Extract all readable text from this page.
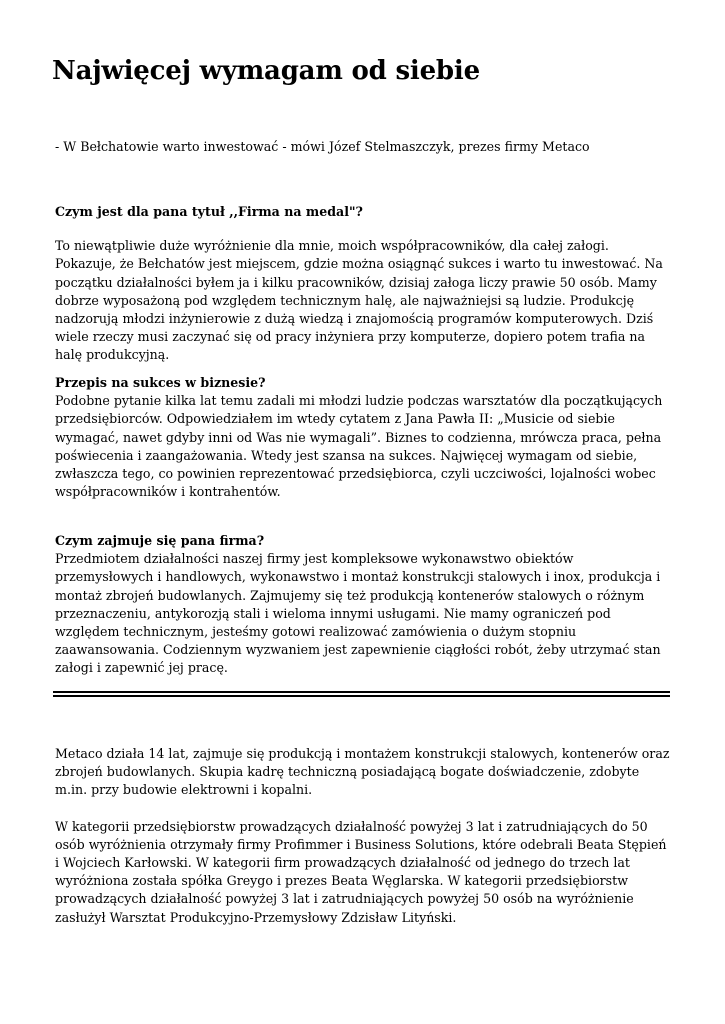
Najwięcej wymagam od siebie

- W Bełchatowie warto inwestować - mówi Józef Stelmaszczyk, prezes firmy Metaco

Czym jest dla pana tytuł ,,Firma na medal"?

To niewątpliwie duże wyróżnienie dla mnie, moich współpracowników, dla całej załogi. Pokazuje, że Bełchatów jest miejscem, gdzie można osiągnąć sukces i warto tu inwestować. Na początku działalności byłem ja i kilku pracowników, dzisiaj załoga liczy prawie 50 osób. Mamy dobrze wyposażoną pod względem technicznym halę, ale najważniejsi są ludzie. Produkcję nadzorują młodzi inżynierowie z dużą wiedzą i znajomością programów komputerowych. Dziś wiele rzeczy musi zaczynać się od pracy inżyniera przy komputerze, dopiero potem trafia na halę produkcyjną.

Przepis na sukces w biznesie?

Podobne pytanie kilka lat temu zadali mi młodzi ludzie podczas warsztatów dla początkujących przedsiębiorców. Odpowiedziałem im wtedy cytatem z Jana Pawła II: „Musicie od siebie wymagać, nawet gdyby inni od Was nie wymagali”. Biznes to codzienna, mrówcza praca, pełna poświecenia i zaangażowania. Wtedy jest szansa na sukces. Najwięcej wymagam od siebie, zwłaszcza tego, co powinien reprezentować przedsiębiorca, czyli uczciwości, lojalności wobec współpracowników i kontrahentów.

Czym zajmuje się pana firma?

Przedmiotem działalności naszej firmy jest kompleksowe wykonawstwo obiektów przemysłowych i handlowych, wykonawstwo i montaż konstrukcji stalowych i inox, produkcja i montaż zbrojeń budowlanych. Zajmujemy się też produkcją kontenerów stalowych o różnym przeznaczeniu, antykorozją stali i wieloma innymi usługami. Nie mamy ograniczeń pod względem technicznym, jesteśmy gotowi realizować zamówienia o dużym stopniu zaawansowania. Codziennym wyzwaniem jest zapewnienie ciągłości robót, żeby utrzymać stan załogi i zapewnić jej pracę.

Metaco działa 14 lat, zajmuje się produkcją i montażem konstrukcji stalowych, kontenerów oraz zbrojeń budowlanych. Skupia kadrę techniczną posiadającą bogate doświadczenie, zdobyte m.in. przy budowie elektrowni i kopalni.

W kategorii przedsiębiorstw prowadzących działalność powyżej 3 lat i zatrudniających do 50 osób wyróżnienia otrzymały firmy Profimmer i Business Solutions, które odebrali Beata Stępień i Wojciech Karłowski. W kategorii firm prowadzących działalność od jednego do trzech lat wyróżniona została spółka Greygo i prezes Beata Węglarska. W kategorii przedsiębiorstw prowadzących działalność powyżej 3 lat i zatrudniających powyżej 50 osób na wyróżnienie zasłużył Warsztat Produkcyjno-Przemysłowy Zdzisław Lityński.
